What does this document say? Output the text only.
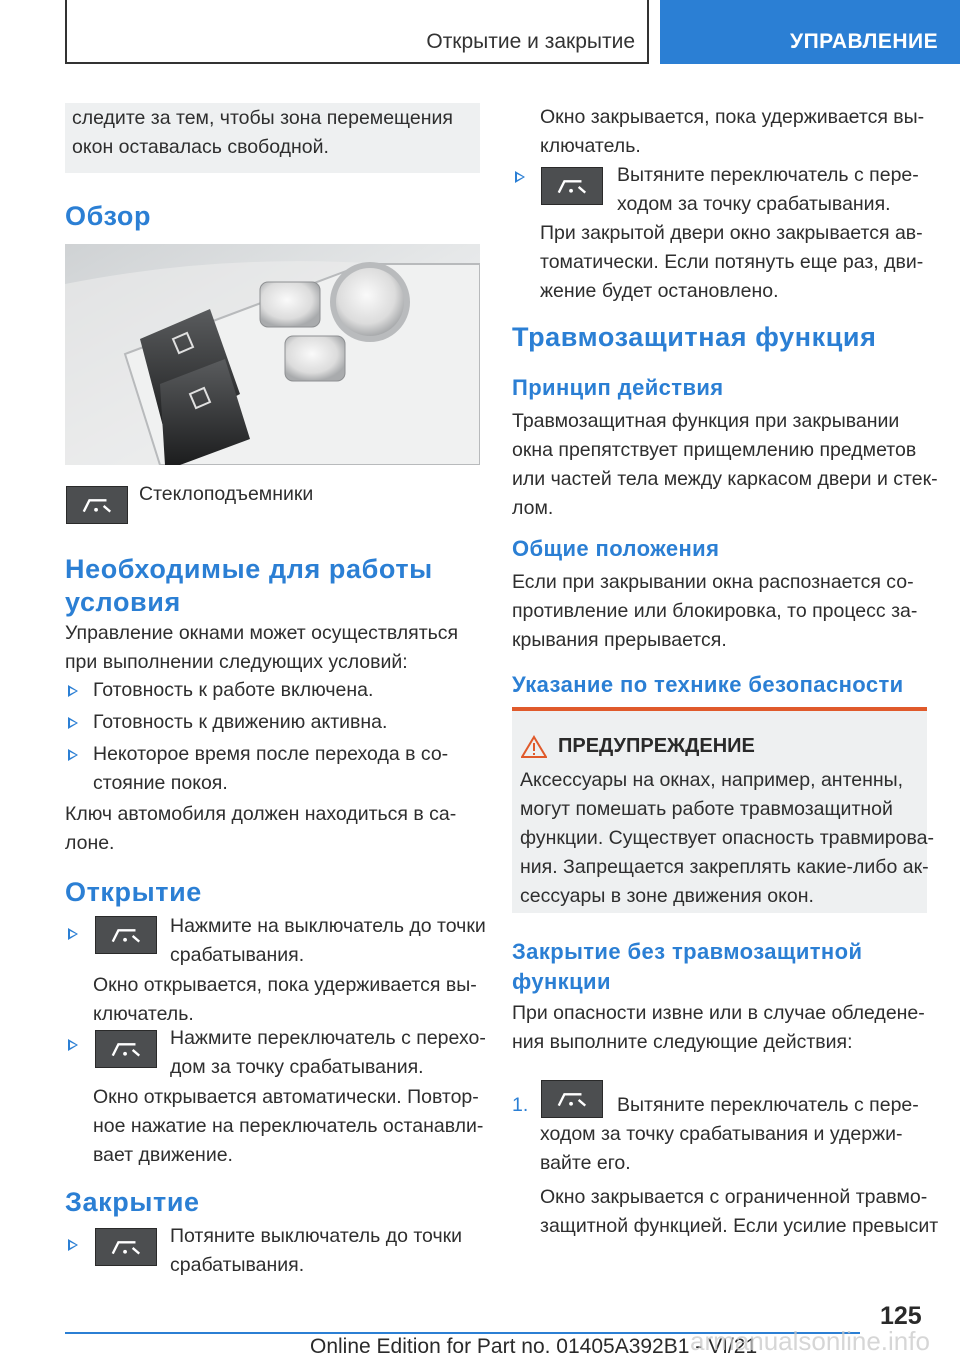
Открытие и закрытие	УПРАВЛЕНИЕ
следите за тем, чтобы зона перемещения
окон оставалась свободной.
Обзор
Стеклоподъемники
Необходимые для работы
условия
Управление окнами может осуществляться
при выполнении следующих условий:
Готовность к работе включена.
Готовность к движению активна.
Некоторое время после перехода в со-
стояние покоя.
Ключ автомобиля должен находиться в са-
лоне.
Открытие
Нажмите на выключатель до точки
срабатывания.
Окно открывается, пока удерживается вы-
ключатель.
Нажмите переключатель с перехо-
дом за точку срабатывания.
Окно открывается автоматически. Повтор-
ное нажатие на переключатель останавли-
вает движение.
Закрытие
Потяните выключатель до точки
срабатывания.
Окно закрывается, пока удерживается вы-
ключатель.
Вытяните переключатель с пере-
ходом за точку срабатывания.
При закрытой двери окно закрывается ав-
томатически. Если потянуть еще раз, дви-
жение будет остановлено.
Травмозащитная функция
Принцип действия
Травмозащитная функция при закрывании
окна препятствует прищемлению предметов
или частей тела между каркасом двери и стек-
лом.
Общие положения
Если при закрывании окна распознается со-
противление или блокировка, то процесс за-
крывания прерывается.
Указание по технике безопасности
ПРЕДУПРЕЖДЕНИЕ
Аксессуары на окнах, например, антенны,
могут помешать работе травмозащитной
функции. Существует опасность травмирова-
ния. Запрещается закреплять какие-либо ак-
сессуары в зоне движения окон.
Закрытие без травмозащитной
функции
При опасности извне или в случае обледене-
ния выполните следующие действия:
1.	Вытяните переключатель с пере-
ходом за точку срабатывания и удержи-
вайте его.
Окно закрывается с ограниченной травмо-
защитной функцией. Если усилие превысит
125
Online Edition for Part no. 01405A392B1 - VI/21
armanualsonline.info
